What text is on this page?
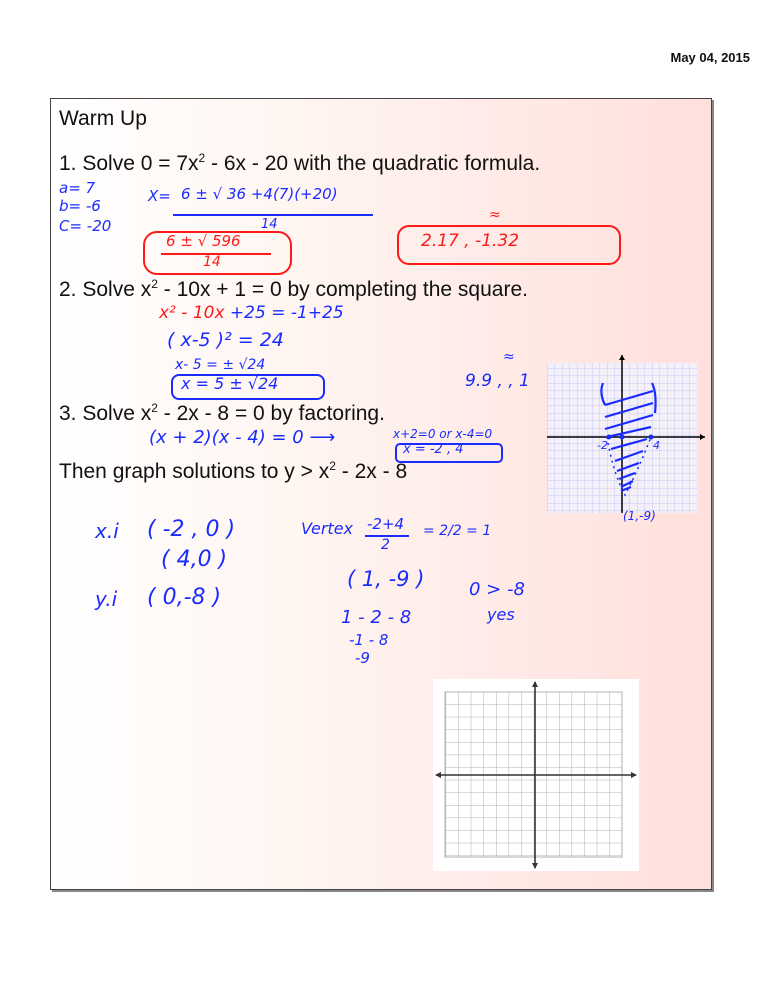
May 04, 2015
Warm Up
1. Solve $0 = 7x^2 - 6x - 20$ with the quadratic formula.
a= 7
b= -6
C= -20
X= 6 ± √ 36 +4(7)(+20)
14
6 ± √ 596
14
≈
2.17 , -1.32
2. Solve $x^2 - 10x + 1 = 0$ by completing the square.
x² - 10x +25 = -1+25
( x-5 )² = 24
x- 5 = ± √24
x = 5 ± √24
≈
9.9 , , 1
3. Solve $x^2 - 2x - 8 = 0$ by factoring.
(x + 2)(x - 4) = 0 ⟶	x+2=0 or x-4=0
x = -2 , 4
Then graph solutions to $y > x^2 - 2x - 8$
x.i ( -2 , 0 )
( 4,0 )
y.i ( 0,-8 )
Vertex -2+4
2
= 2/2 = 1
( 1, -9 )
1 - 2 - 8
-1 - 8
-9
0 > -8
yes
-2	4
(1,-9)
